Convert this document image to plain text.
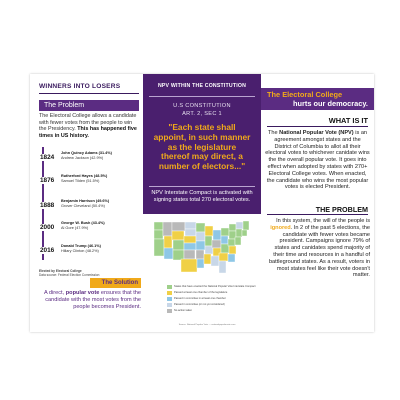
WINNERS INTO LOSERS
The Problem
The Electoral College allows a candidate with fewer votes from the people to win the Presidency. This has happened five times in US history.
1824
John Quincy Adams (31.4%)
Andrew Jackson (42.9%)
1876
Rutherford Hayes (48.5%)
Samuel Tilden (51.5%)
1888
Benjamin Harrison (49.6%)
Grover Cleveland (50.4%)
2000
George W. Bush (43.4%)
Al Gore (47.9%)
2016
Donald Trump (46.1%)
Hillary Clinton (48.2%)
Elected by Electoral College
Data source: Federal Election Commission
The Solution
A direct, popular vote ensures that the candidate with the most votes from the people becomes President.
NPV WITHIN THE CONSTITUTION
U.S CONSTITUTION
ART. 2, SEC 1
"Each state shall appoint, in such manner as the legislature thereof may direct, a number of electors..."
NPV Interstate Compact is activated with signing states total 270 electoral votes.
States that have enacted the National Popular Vote Interstate Compact
Passed at least one chamber of the legislature
Passed in committee in at least one chamber
Passed in committee (or not yet considered)
No action taken
Source: National Popular Vote — nationalpopularvote.com
The Electoral College
hurts our democracy.
WHAT IS IT
The National Popular Vote (NPV) is an agreement amongst states and the District of Columbia to allot all their electoral votes to whichever canidate wins the the overall popular vote. It goes into effect when adopted by states with 270+ Electoral College votes. When enacted, the candidate who wins the most popular votes is elected President.
THE PROBLEM
In this system, the will of the people is ignored. In 2 of the past 5 elections, the candidate with fewer votes became president. Campaigns ignore 79% of states and canidates spend majority of their time and resources in a handful of battleground states. As a result, voters in most states feel like their vote doesn't matter.
